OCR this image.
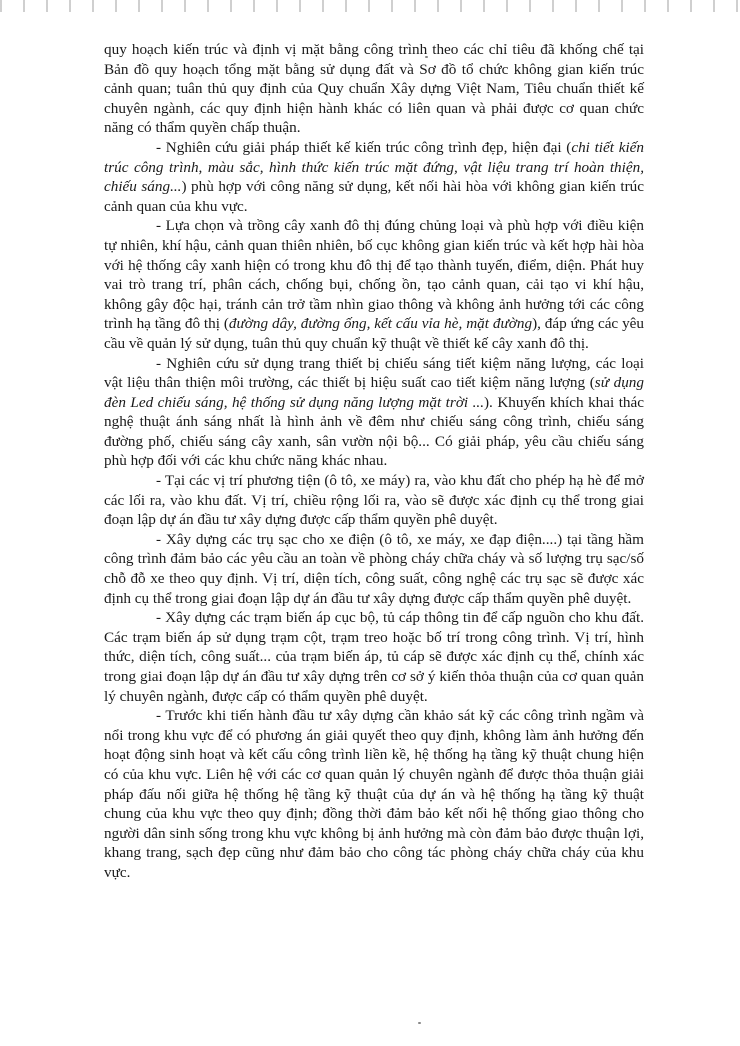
quy hoạch kiến trúc và định vị mặt bằng công trình theo các chỉ tiêu đã khống chế tại Bản đồ quy hoạch tổng mặt bằng sử dụng đất và Sơ đồ tổ chức không gian kiến trúc cảnh quan; tuân thủ quy định của Quy chuẩn Xây dựng Việt Nam, Tiêu chuẩn thiết kế chuyên ngành, các quy định hiện hành khác có liên quan và phải được cơ quan chức năng có thẩm quyền chấp thuận.

- Nghiên cứu giải pháp thiết kế kiến trúc công trình đẹp, hiện đại (chi tiết kiến trúc công trình, màu sắc, hình thức kiến trúc mặt đứng, vật liệu trang trí hoàn thiện, chiếu sáng...) phù hợp với công năng sử dụng, kết nối hài hòa với không gian kiến trúc cảnh quan của khu vực.

- Lựa chọn và trồng cây xanh đô thị đúng chủng loại và phù hợp với điều kiện tự nhiên, khí hậu, cảnh quan thiên nhiên, bố cục không gian kiến trúc và kết hợp hài hòa với hệ thống cây xanh hiện có trong khu đô thị để tạo thành tuyến, điểm, diện. Phát huy vai trò trang trí, phân cách, chống bụi, chống ồn, tạo cảnh quan, cải tạo vi khí hậu, không gây độc hại, tránh cản trở tầm nhìn giao thông và không ảnh hưởng tới các công trình hạ tầng đô thị (đường dây, đường ống, kết cấu vỉa hè, mặt đường), đáp ứng các yêu cầu về quản lý sử dụng, tuân thủ quy chuẩn kỹ thuật về thiết kế cây xanh đô thị.

- Nghiên cứu sử dụng trang thiết bị chiếu sáng tiết kiệm năng lượng, các loại vật liệu thân thiện môi trường, các thiết bị hiệu suất cao tiết kiệm năng lượng (sử dụng đèn Led chiếu sáng, hệ thống sử dụng năng lượng mặt trời ...). Khuyến khích khai thác nghệ thuật ánh sáng nhất là hình ảnh về đêm như chiếu sáng công trình, chiếu sáng đường phố, chiếu sáng cây xanh, sân vườn nội bộ... Có giải pháp, yêu cầu chiếu sáng phù hợp đối với các khu chức năng khác nhau.

- Tại các vị trí phương tiện (ô tô, xe máy) ra, vào khu đất cho phép hạ hè để mở các lối ra, vào khu đất. Vị trí, chiều rộng lối ra, vào sẽ được xác định cụ thể trong giai đoạn lập dự án đầu tư xây dựng được cấp thẩm quyền phê duyệt.

- Xây dựng các trụ sạc cho xe điện (ô tô, xe máy, xe đạp điện....) tại tầng hầm công trình đảm bảo các yêu cầu an toàn về phòng cháy chữa cháy và số lượng trụ sạc/số chỗ đỗ xe theo quy định. Vị trí, diện tích, công suất, công nghệ các trụ sạc sẽ được xác định cụ thể trong giai đoạn lập dự án đầu tư xây dựng được cấp thẩm quyền phê duyệt.

- Xây dựng các trạm biến áp cục bộ, tủ cáp thông tin để cấp nguồn cho khu đất. Các trạm biến áp sử dụng trạm cột, trạm treo hoặc bố trí trong công trình. Vị trí, hình thức, diện tích, công suất... của trạm biến áp, tủ cáp sẽ được xác định cụ thể, chính xác trong giai đoạn lập dự án đầu tư xây dựng trên cơ sở ý kiến thỏa thuận của cơ quan quản lý chuyên ngành, được cấp có thẩm quyền phê duyệt.

- Trước khi tiến hành đầu tư xây dựng cần khảo sát kỹ các công trình ngầm và nổi trong khu vực để có phương án giải quyết theo quy định, không làm ảnh hưởng đến hoạt động sinh hoạt và kết cấu công trình liền kề, hệ thống hạ tầng kỹ thuật chung hiện có của khu vực. Liên hệ với các cơ quan quản lý chuyên ngành để được thỏa thuận giải pháp đấu nối giữa hệ thống hệ tầng kỹ thuật của dự án và hệ thống hạ tầng kỹ thuật chung của khu vực theo quy định; đồng thời đảm bảo kết nối hệ thống giao thông cho người dân sinh sống trong khu vực không bị ảnh hưởng mà còn đảm bảo được thuận lợi, khang trang, sạch đẹp cũng như đảm bảo cho công tác phòng cháy chữa cháy của khu vực.
